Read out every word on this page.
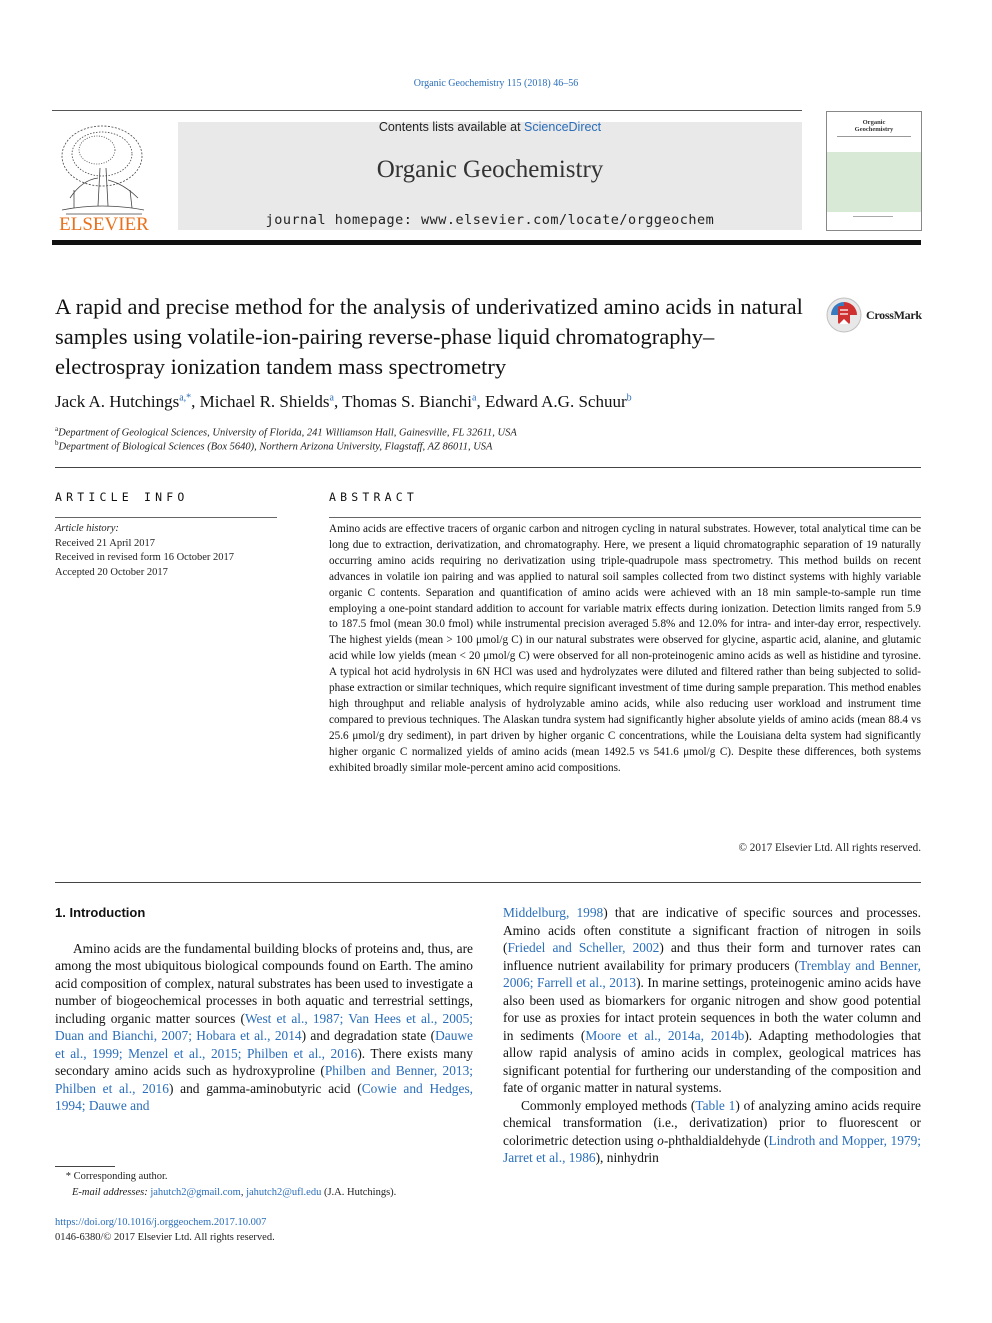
Organic Geochemistry 115 (2018) 46–56
ELSEVIER
Contents lists available at ScienceDirect
Organic Geochemistry
journal homepage: www.elsevier.com/locate/orggeochem
Organic
Geochemistry
A rapid and precise method for the analysis of underivatized amino acids in natural samples using volatile-ion-pairing reverse-phase liquid chromatography–electrospray ionization tandem mass spectrometry
CrossMark
Jack A. Hutchings$^{a,*}$, Michael R. Shields$^a$, Thomas S. Bianchi$^a$, Edward A.G. Schuur$^b$
$^a$Department of Geological Sciences, University of Florida, 241 Williamson Hall, Gainesville, FL 32611, USA
$^b$Department of Biological Sciences (Box 5640), Northern Arizona University, Flagstaff, AZ 86011, USA
ARTICLE INFO	ABSTRACT
Article history:
Received 21 April 2017
Received in revised form 16 October 2017
Accepted 20 October 2017
Amino acids are effective tracers of organic carbon and nitrogen cycling in natural substrates. However, total analytical time can be long due to extraction, derivatization, and chromatography. Here, we present a liquid chromatographic separation of 19 naturally occurring amino acids requiring no derivatization using triple-quadrupole mass spectrometry. This method builds on recent advances in volatile ion pairing and was applied to natural soil samples collected from two distinct systems with highly variable organic C contents. Separation and quantification of amino acids were achieved with an 18 min sample-to-sample run time employing a one-point standard addition to account for variable matrix effects during ionization. Detection limits ranged from 5.9 to 187.5 fmol (mean 30.0 fmol) while instrumental precision averaged 5.8% and 12.0% for intra- and inter-day error, respectively. The highest yields (mean > 100 μmol/g C) in our natural substrates were observed for glycine, aspartic acid, alanine, and glutamic acid while low yields (mean < 20 μmol/g C) were observed for all non-proteinogenic amino acids as well as histidine and tyrosine. A typical hot acid hydrolysis in 6N HCl was used and hydrolyzates were diluted and filtered rather than being subjected to solid-phase extraction or similar techniques, which require significant investment of time during sample preparation. This method enables high throughput and reliable analysis of hydrolyzable amino acids, while also reducing user workload and instrument time compared to previous techniques. The Alaskan tundra system had significantly higher absolute yields of amino acids (mean 88.4 vs 25.6 μmol/g dry sediment), in part driven by higher organic C concentrations, while the Louisiana delta system had significantly higher organic C normalized yields of amino acids (mean 1492.5 vs 541.6 μmol/g C). Despite these differences, both systems exhibited broadly similar mole-percent amino acid compositions.
© 2017 Elsevier Ltd. All rights reserved.
1. Introduction

Amino acids are the fundamental building blocks of proteins and, thus, are among the most ubiquitous biological compounds found on Earth. The amino acid composition of complex, natural substrates has been used to investigate a number of biogeochemical processes in both aquatic and terrestrial settings, including organic matter sources (West et al., 1987; Van Hees et al., 2005; Duan and Bianchi, 2007; Hobara et al., 2014) and degradation state (Dauwe et al., 1999; Menzel et al., 2015; Philben et al., 2016). There exists many secondary amino acids such as hydroxyproline (Philben and Benner, 2013; Philben et al., 2016) and gamma-aminobutyric acid (Cowie and Hedges, 1994; Dauwe and

* Corresponding author.
E-mail addresses: jahutch2@gmail.com, jahutch2@ufl.edu (J.A. Hutchings).
https://doi.org/10.1016/j.orggeochem.2017.10.007
0146-6380/© 2017 Elsevier Ltd. All rights reserved.

Middelburg, 1998) that are indicative of specific sources and processes. Amino acids often constitute a significant fraction of nitrogen in soils (Friedel and Scheller, 2002) and thus their form and turnover rates can influence nutrient availability for primary producers (Tremblay and Benner, 2006; Farrell et al., 2013). In marine settings, proteinogenic amino acids have also been used as biomarkers for organic nitrogen and show good potential for use as proxies for intact protein sequences in both the water column and in sediments (Moore et al., 2014a, 2014b). Adapting methodologies that allow rapid analysis of amino acids in complex, geological matrices has significant potential for furthering our understanding of the composition and fate of organic matter in natural systems.

Commonly employed methods (Table 1) of analyzing amino acids require chemical transformation (i.e., derivatization) prior to fluorescent or colorimetric detection using o-phthaldialdehyde (Lindroth and Mopper, 1979; Jarret et al., 1986), ninhydrin
